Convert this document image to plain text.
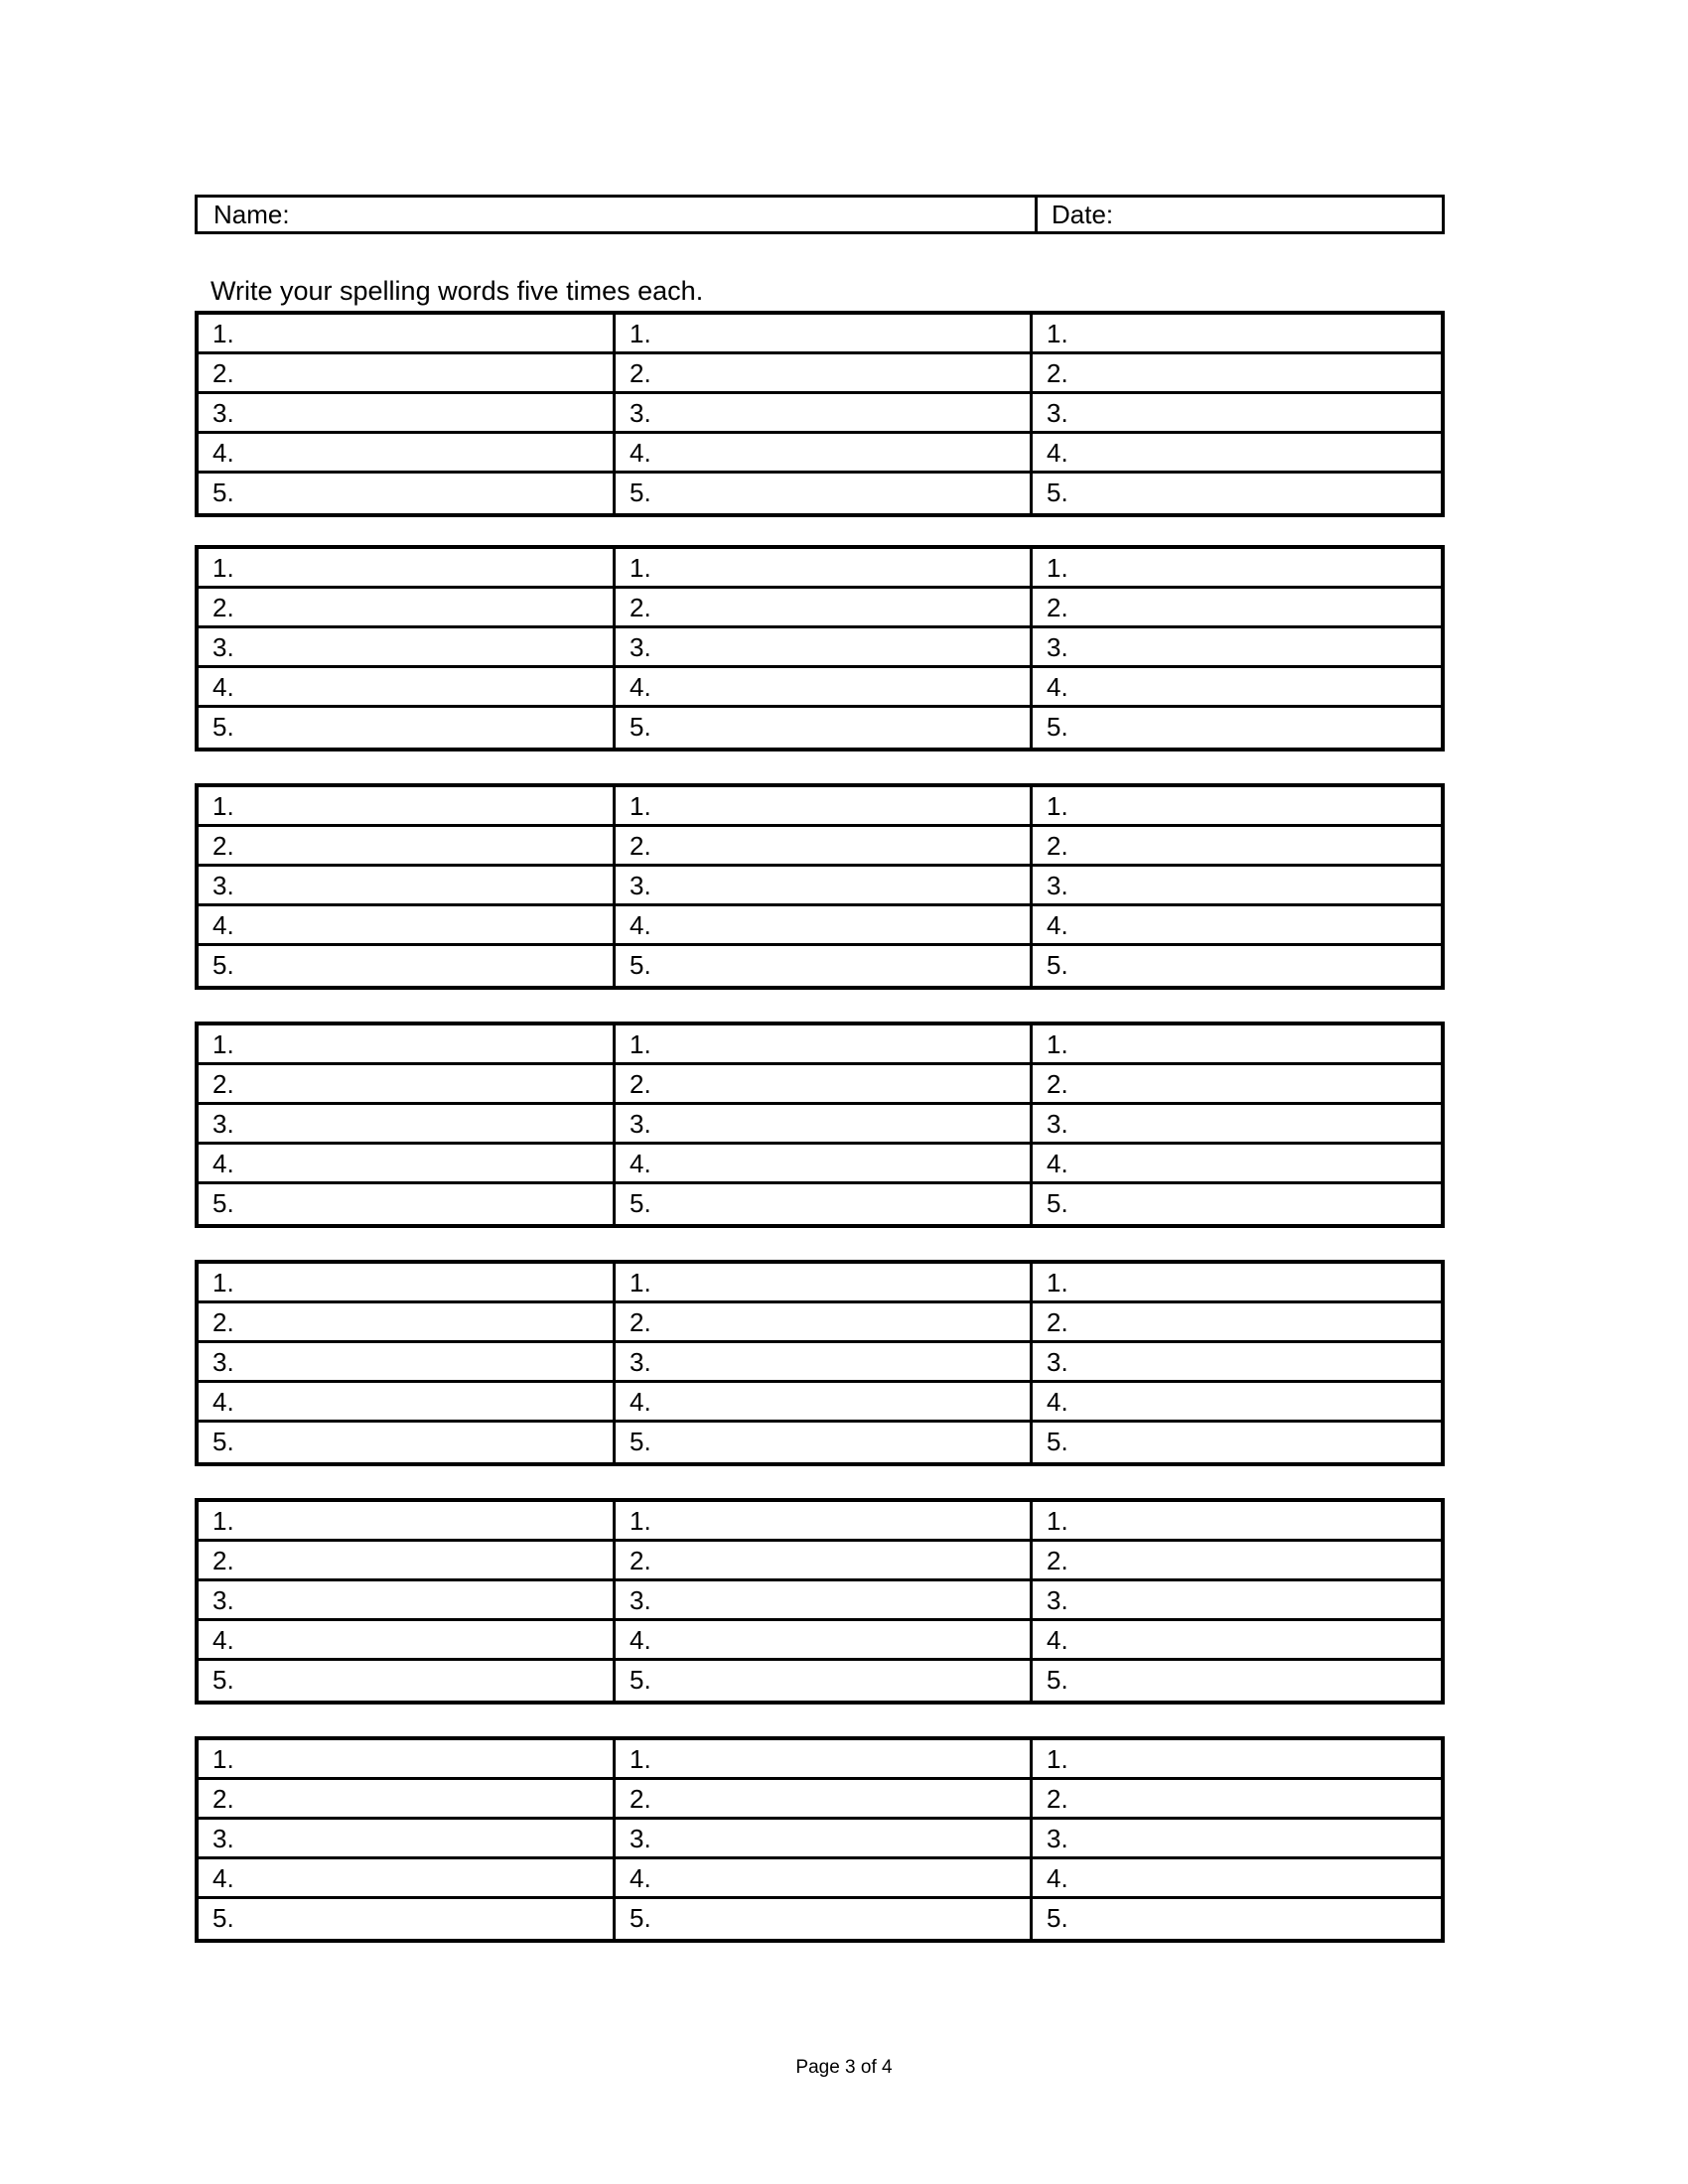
Name:	Date:
Write your spelling words five times each.
1.	1.	1.
2.	2.	2.
3.	3.	3.
4.	4.	4.
5.	5.	5.
1.	1.	1.
2.	2.	2.
3.	3.	3.
4.	4.	4.
5.	5.	5.
1.	1.	1.
2.	2.	2.
3.	3.	3.
4.	4.	4.
5.	5.	5.
1.	1.	1.
2.	2.	2.
3.	3.	3.
4.	4.	4.
5.	5.	5.
1.	1.	1.
2.	2.	2.
3.	3.	3.
4.	4.	4.
5.	5.	5.
1.	1.	1.
2.	2.	2.
3.	3.	3.
4.	4.	4.
5.	5.	5.
1.	1.	1.
2.	2.	2.
3.	3.	3.
4.	4.	4.
5.	5.	5.
Page 3 of 4
